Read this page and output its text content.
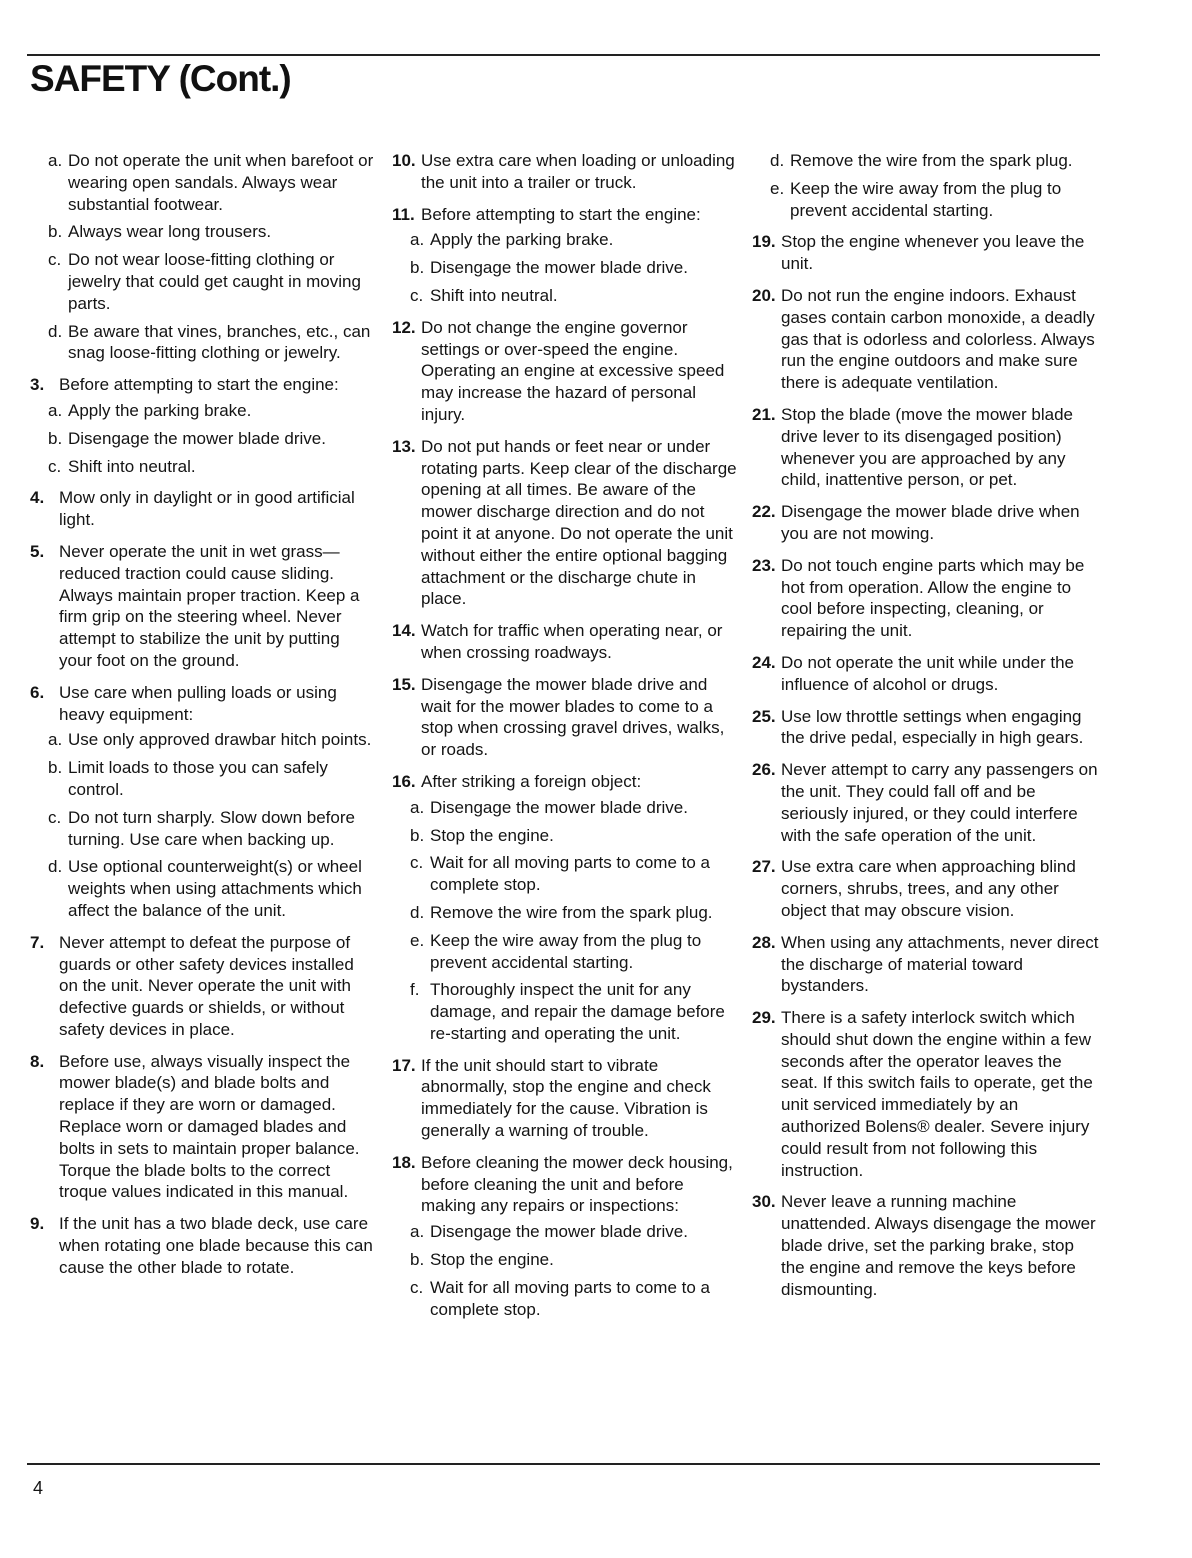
SAFETY (Cont.)
a. Do not operate the unit when barefoot or wearing open sandals. Always wear substantial footwear.
b. Always wear long trousers.
c. Do not wear loose-fitting clothing or jewelry that could get caught in moving parts.
d. Be aware that vines, branches, etc., can snag loose-fitting clothing or jewelry.
3. Before attempting to start the engine:
a. Apply the parking brake.
b. Disengage the mower blade drive.
c. Shift into neutral.
4. Mow only in daylight or in good artificial light.
5. Never operate the unit in wet grass—reduced traction could cause sliding. Always maintain proper traction. Keep a firm grip on the steering wheel. Never attempt to stabilize the unit by putting your foot on the ground.
6. Use care when pulling loads or using heavy equipment:
a. Use only approved drawbar hitch points.
b. Limit loads to those you can safely control.
c. Do not turn sharply. Slow down before turning. Use care when backing up.
d. Use optional counterweight(s) or wheel weights when using attachments which affect the balance of the unit.
7. Never attempt to defeat the purpose of guards or other safety devices installed on the unit. Never operate the unit with defective guards or shields, or without safety devices in place.
8. Before use, always visually inspect the mower blade(s) and blade bolts and replace if they are worn or damaged. Replace worn or damaged blades and bolts in sets to maintain proper balance. Torque the blade bolts to the correct troque values indicated in this manual.
9. If the unit has a two blade deck, use care when rotating one blade because this can cause the other blade to rotate.
10. Use extra care when loading or unloading the unit into a trailer or truck.
11. Before attempting to start the engine:
a. Apply the parking brake.
b. Disengage the mower blade drive.
c. Shift into neutral.
12. Do not change the engine governor settings or over-speed the engine. Operating an engine at excessive speed may increase the hazard of personal injury.
13. Do not put hands or feet near or under rotating parts. Keep clear of the discharge opening at all times. Be aware of the mower discharge direction and do not point it at anyone. Do not operate the unit without either the entire optional bagging attachment or the discharge chute in place.
14. Watch for traffic when operating near, or when crossing roadways.
15. Disengage the mower blade drive and wait for the mower blades to come to a stop when crossing gravel drives, walks, or roads.
16. After striking a foreign object:
a. Disengage the mower blade drive.
b. Stop the engine.
c. Wait for all moving parts to come to a complete stop.
d. Remove the wire from the spark plug.
e. Keep the wire away from the plug to prevent accidental starting.
f. Thoroughly inspect the unit for any damage, and repair the damage before re-starting and operating the unit.
17. If the unit should start to vibrate abnormally, stop the engine and check immediately for the cause. Vibration is generally a warning of trouble.
18. Before cleaning the mower deck housing, before cleaning the unit and before making any repairs or inspections:
a. Disengage the mower blade drive.
b. Stop the engine.
c. Wait for all moving parts to come to a complete stop.
d. Remove the wire from the spark plug.
e. Keep the wire away from the plug to prevent accidental starting.
19. Stop the engine whenever you leave the unit.
20. Do not run the engine indoors. Exhaust gases contain carbon monoxide, a deadly gas that is odorless and colorless. Always run the engine outdoors and make sure there is adequate ventilation.
21. Stop the blade (move the mower blade drive lever to its disengaged position) whenever you are approached by any child, inattentive person, or pet.
22. Disengage the mower blade drive when you are not mowing.
23. Do not touch engine parts which may be hot from operation. Allow the engine to cool before inspecting, cleaning, or repairing the unit.
24. Do not operate the unit while under the influence of alcohol or drugs.
25. Use low throttle settings when engaging the drive pedal, especially in high gears.
26. Never attempt to carry any passengers on the unit. They could fall off and be seriously injured, or they could interfere with the safe operation of the unit.
27. Use extra care when approaching blind corners, shrubs, trees, and any other object that may obscure vision.
28. When using any attachments, never direct the discharge of material toward bystanders.
29. There is a safety interlock switch which should shut down the engine within a few seconds after the operator leaves the seat. If this switch fails to operate, get the unit serviced immediately by an authorized Bolens® dealer. Severe injury could result from not following this instruction.
30. Never leave a running machine unattended. Always disengage the mower blade drive, set the parking brake, stop the engine and remove the keys before dismounting.
4
